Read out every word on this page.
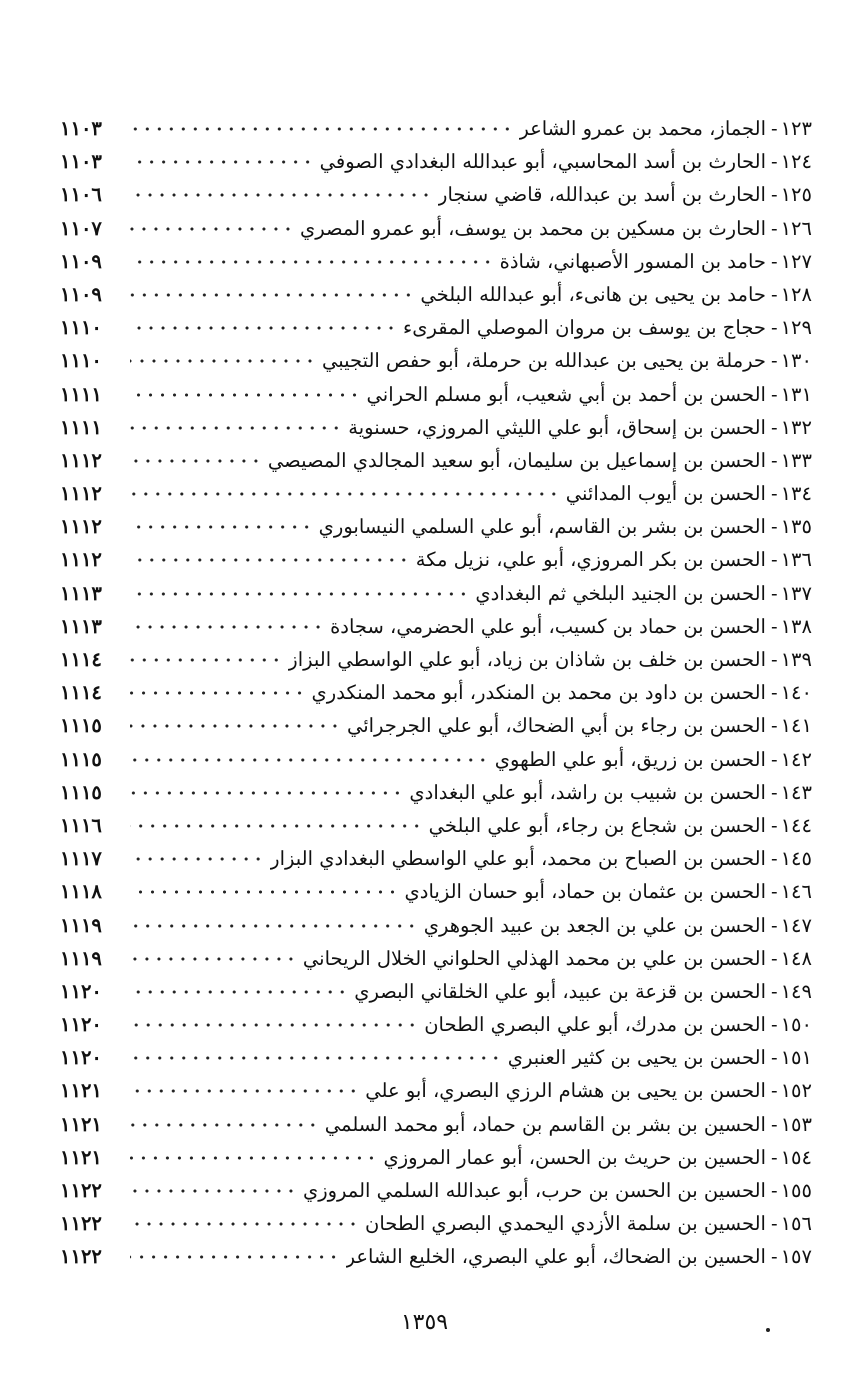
١٢٣
-
الجماز، محمد بن عمرو الشاعر
١١٠٣
١٢٤
-
الحارث بن أسد المحاسبي، أبو عبدالله البغدادي الصوفي
١١٠٣
١٢٥
-
الحارث بن أسد بن عبدالله، قاضي سنجار
١١٠٦
١٢٦
-
الحارث بن مسكين بن محمد بن يوسف، أبو عمرو المصري
١١٠٧
١٢٧
-
حامد بن المسور الأصبهاني، شاذة
١١٠٩
١٢٨
-
حامد بن يحيى بن هانىء، أبو عبدالله البلخي
١١٠٩
١٢٩
-
حجاج بن يوسف بن مروان الموصلي المقرىء
١١١٠
١٣٠
-
حرملة بن يحيى بن عبدالله بن حرملة، أبو حفص التجيبي
١١١٠
١٣١
-
الحسن بن أحمد بن أبي شعيب، أبو مسلم الحراني
١١١١
١٣٢
-
الحسن بن إسحاق، أبو علي الليثي المروزي، حسنوية
١١١١
١٣٣
-
الحسن بن إسماعيل بن سليمان، أبو سعيد المجالدي المصيصي
١١١٢
١٣٤
-
الحسن بن أيوب المدائني
١١١٢
١٣٥
-
الحسن بن بشر بن القاسم، أبو علي السلمي النيسابوري
١١١٢
١٣٦
-
الحسن بن بكر المروزي، أبو علي، نزيل مكة
١١١٢
١٣٧
-
الحسن بن الجنيد البلخي ثم البغدادي
١١١٣
١٣٨
-
الحسن بن حماد بن كسيب، أبو علي الحضرمي، سجادة
١١١٣
١٣٩
-
الحسن بن خلف بن شاذان بن زياد، أبو علي الواسطي البزاز
١١١٤
١٤٠
-
الحسن بن داود بن محمد بن المنكدر، أبو محمد المنكدري
١١١٤
١٤١
-
الحسن بن رجاء بن أبي الضحاك، أبو علي الجرجرائي
١١١٥
١٤٢
-
الحسن بن زريق، أبو علي الطهوي
١١١٥
١٤٣
-
الحسن بن شبيب بن راشد، أبو علي البغدادي
١١١٥
١٤٤
-
الحسن بن شجاع بن رجاء، أبو علي البلخي
١١١٦
١٤٥
-
الحسن بن الصباح بن محمد، أبو علي الواسطي البغدادي البزار
١١١٧
١٤٦
-
الحسن بن عثمان بن حماد، أبو حسان الزيادي
١١١٨
١٤٧
-
الحسن بن علي بن الجعد بن عبيد الجوهري
١١١٩
١٤٨
-
الحسن بن علي بن محمد الهذلي الحلواني الخلال الريحاني
١١١٩
١٤٩
-
الحسن بن قزعة بن عبيد، أبو علي الخلقاني البصري
١١٢٠
١٥٠
-
الحسن بن مدرك، أبو علي البصري الطحان
١١٢٠
١٥١
-
الحسن بن يحيى بن كثير العنبري
١١٢٠
١٥٢
-
الحسن بن يحيى بن هشام الرزي البصري، أبو علي
١١٢١
١٥٣
-
الحسين بن بشر بن القاسم بن حماد، أبو محمد السلمي
١١٢١
١٥٤
-
الحسين بن حريث بن الحسن، أبو عمار المروزي
١١٢١
١٥٥
-
الحسين بن الحسن بن حرب، أبو عبدالله السلمي المروزي
١١٢٢
١٥٦
-
الحسين بن سلمة الأزدي اليحمدي البصري الطحان
١١٢٢
١٥٧
-
الحسين بن الضحاك، أبو علي البصري، الخليع الشاعر
١١٢٢
١٣٥٩
